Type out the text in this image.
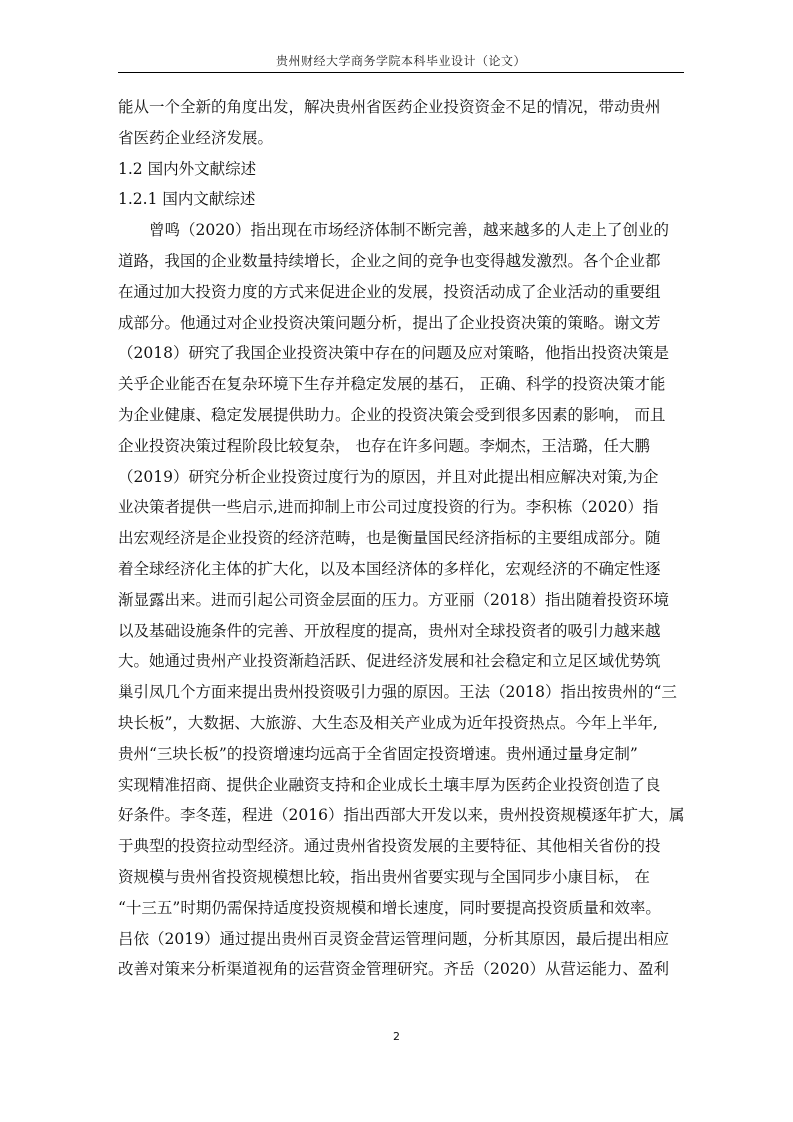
贵州财经大学商务学院本科毕业设计（论文）

能从一个全新的角度出发，解决贵州省医药企业投资资金不足的情况，带动贵州
省医药企业经济发展。

1.2 国内外文献综述

1.2.1 国内文献综述

曾鸣（2020）指出现在市场经济体制不断完善，越来越多的人走上了创业的
道路，我国的企业数量持续增长，企业之间的竞争也变得越发激烈。各个企业都
在通过加大投资力度的方式来促进企业的发展，投资活动成了企业活动的重要组
成部分。他通过对企业投资决策问题分析，提出了企业投资决策的策略。谢文芳
（2018）研究了我国企业投资决策中存在的问题及应对策略，他指出投资决策是
关乎企业能否在复杂环境下生存并稳定发展的基石， 正确、科学的投资决策才能
为企业健康、稳定发展提供助力。企业的投资决策会受到很多因素的影响， 而且
企业投资决策过程阶段比较复杂， 也存在许多问题。李炯杰，王洁璐，任大鹏
（2019）研究分析企业投资过度行为的原因，并且对此提出相应解决对策,为企
业决策者提供一些启示,进而抑制上市公司过度投资的行为。李积栋（2020）指
出宏观经济是企业投资的经济范畴，也是衡量国民经济指标的主要组成部分。随
着全球经济化主体的扩大化，以及本国经济体的多样化，宏观经济的不确定性逐
渐显露出来。进而引起公司资金层面的压力。方亚丽（2018）指出随着投资环境
以及基础设施条件的完善、开放程度的提高，贵州对全球投资者的吸引力越来越
大。她通过贵州产业投资渐趋活跃、促进经济发展和社会稳定和立足区域优势筑
巢引凤几个方面来提出贵州投资吸引力强的原因。王法（2018）指出按贵州的“三
块长板”，大数据、大旅游、大生态及相关产业成为近年投资热点。今年上半年,
贵州“三块长板”的投资增速均远高于全省固定投资增速。贵州通过量身定制”
实现精准招商、提供企业融资支持和企业成长土壤丰厚为医药企业投资创造了良
好条件。李冬莲，程进（2016）指出西部大开发以来，贵州投资规模逐年扩大，属
于典型的投资拉动型经济。通过贵州省投资发展的主要特征、其他相关省份的投
资规模与贵州省投资规模想比较，指出贵州省要实现与全国同步小康目标， 在
“十三五”时期仍需保持适度投资规模和增长速度，同时要提高投资质量和效率。
吕依（2019）通过提出贵州百灵资金营运管理问题，分析其原因，最后提出相应
改善对策来分析渠道视角的运营资金管理研究。齐岳（2020）从营运能力、盈利

2
